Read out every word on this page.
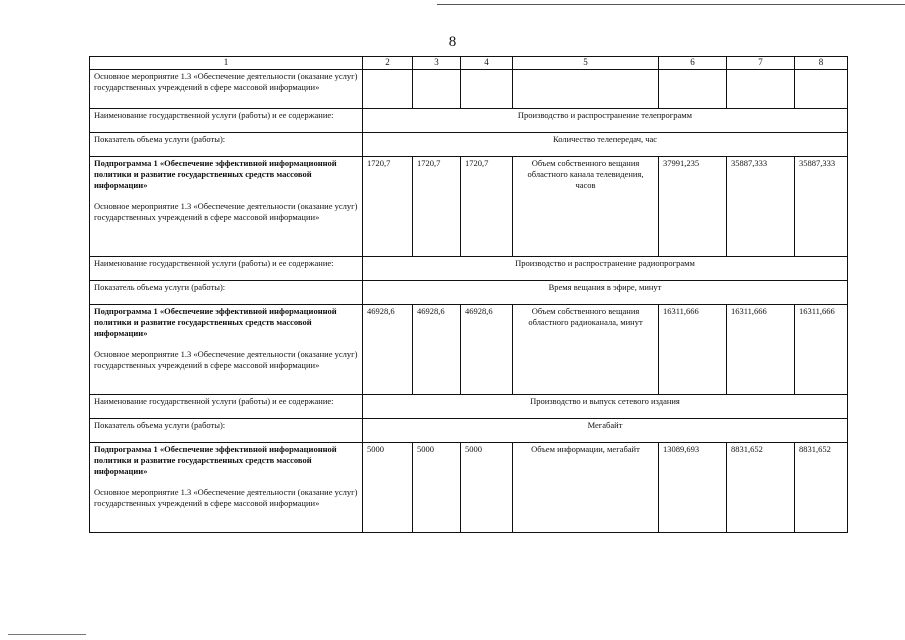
8
1	2	3	4	5	6	7	8
Основное мероприятие 1.3 «Обеспечение деятельности (оказание услуг) государственных учреждений в сфере массовой информации»							
Наименование государственной услуги (работы) и ее содержание:	Производство и распространение телепрограмм						
Показатель объема услуги (работы):	Количество телепередач, час						

Подпрограмма 1 «Обеспечение эффективной информационной политики и развитие государственных средств массовой информации»
Основное мероприятие 1.3 «Обеспечение деятельности (оказание услуг) государственных учреждений в сфере массовой информации»	1720,7	1720,7	1720,7	Объем собственного вещания областного канала телевидения, часов	37991,235	35887,333	35887,333
Наименование государственной услуги (работы) и ее содержание:	Производство и распространение радиопрограмм						
Показатель объема услуги (работы):	Время вещания в эфире, минут						

Подпрограмма 1 «Обеспечение эффективной информационной политики и развитие государственных средств массовой информации»
Основное мероприятие 1.3 «Обеспечение деятельности (оказание услуг) государственных учреждений в сфере массовой информации»	46928,6	46928,6	46928,6	Объем собственного вещания областного радиоканала, минут	16311,666	16311,666	16311,666
Наименование государственной услуги (работы) и ее содержание:	Производство и выпуск сетевого издания						
Показатель объема услуги (работы):	Мегабайт						

Подпрограмма 1 «Обеспечение эффективной информационной политики и развитие государственных средств массовой информации»
Основное мероприятие 1.3 «Обеспечение деятельности (оказание услуг) государственных учреждений в сфере массовой информации»	5000	5000	5000	Объем информации, мегабайт	13089,693	8831,652	8831,652
